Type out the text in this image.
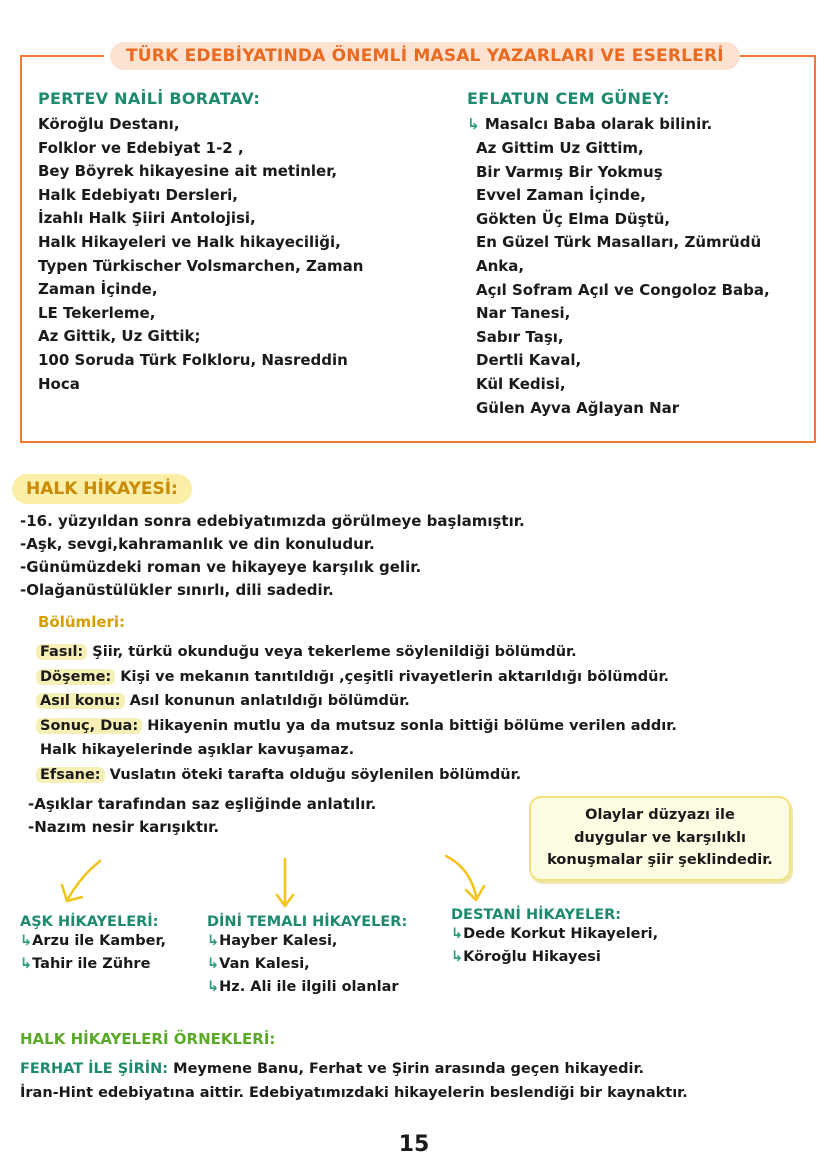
TÜRK EDEBİYATINDA ÖNEMLİ MASAL YAZARLARI VE ESERLERİ
PERTEV NAİLİ BORATAV:
Köroğlu Destanı,
Folklor ve Edebiyat 1-2 ,
Bey Böyrek hikayesine ait metinler,
Halk Edebiyatı Dersleri,
İzahlı Halk Şiiri Antolojisi,
Halk Hikayeleri ve Halk hikayeciliği,
Typen Türkischer Volsmarchen, Zaman
Zaman İçinde,
LE Tekerleme,
Az Gittik, Uz Gittik;
100 Soruda Türk Folkloru, Nasreddin
Hoca
EFLATUN CEM GÜNEY:
↳ Masalcı Baba olarak bilinir.
Az Gittim Uz Gittim,
Bir Varmış Bir Yokmuş
Evvel Zaman İçinde,
Gökten Üç Elma Düştü,
En Güzel Türk Masalları, Zümrüdü
Anka,
Açıl Sofram Açıl ve Congoloz Baba,
Nar Tanesi,
Sabır Taşı,
Dertli Kaval,
Kül Kedisi,
Gülen Ayva Ağlayan Nar
HALK HİKAYESİ:
-16. yüzyıldan sonra edebiyatımızda görülmeye başlamıştır.
-Aşk, sevgi,kahramanlık ve din konuludur.
-Günümüzdeki roman ve hikayeye karşılık gelir.
-Olağanüstülükler sınırlı, dili sadedir.
Bölümleri:
Fasıl: Şiir, türkü okunduğu veya tekerleme söylenildiği bölümdür.
Döşeme: Kişi ve mekanın tanıtıldığı ,çeşitli rivayetlerin aktarıldığı bölümdür.
Asıl konu: Asıl konunun anlatıldığı bölümdür.
Sonuç, Dua: Hikayenin mutlu ya da mutsuz sonla bittiği bölüme verilen addır.
Halk hikayelerinde aşıklar kavuşamaz.
Efsane: Vuslatın öteki tarafta olduğu söylenilen bölümdür.
-Aşıklar tarafından saz eşliğinde anlatılır.
-Nazım nesir karışıktır.
Olaylar düzyazı ile
duygular ve karşılıklı
konuşmalar şiir şeklindedir.
AŞK HİKAYELERİ:
↳Arzu ile Kamber,
↳Tahir ile Zühre
DİNİ TEMALI HİKAYELER:
↳Hayber Kalesi,
↳Van Kalesi,
↳Hz. Ali ile ilgili olanlar
DESTANİ HİKAYELER:
↳Dede Korkut Hikayeleri,
↳Köroğlu Hikayesi
HALK HİKAYELERİ ÖRNEKLERİ:
FERHAT İLE ŞİRİN: Meymene Banu, Ferhat ve Şirin arasında geçen hikayedir.
İran-Hint edebiyatına aittir. Edebiyatımızdaki hikayelerin beslendiği bir kaynaktır.
15
